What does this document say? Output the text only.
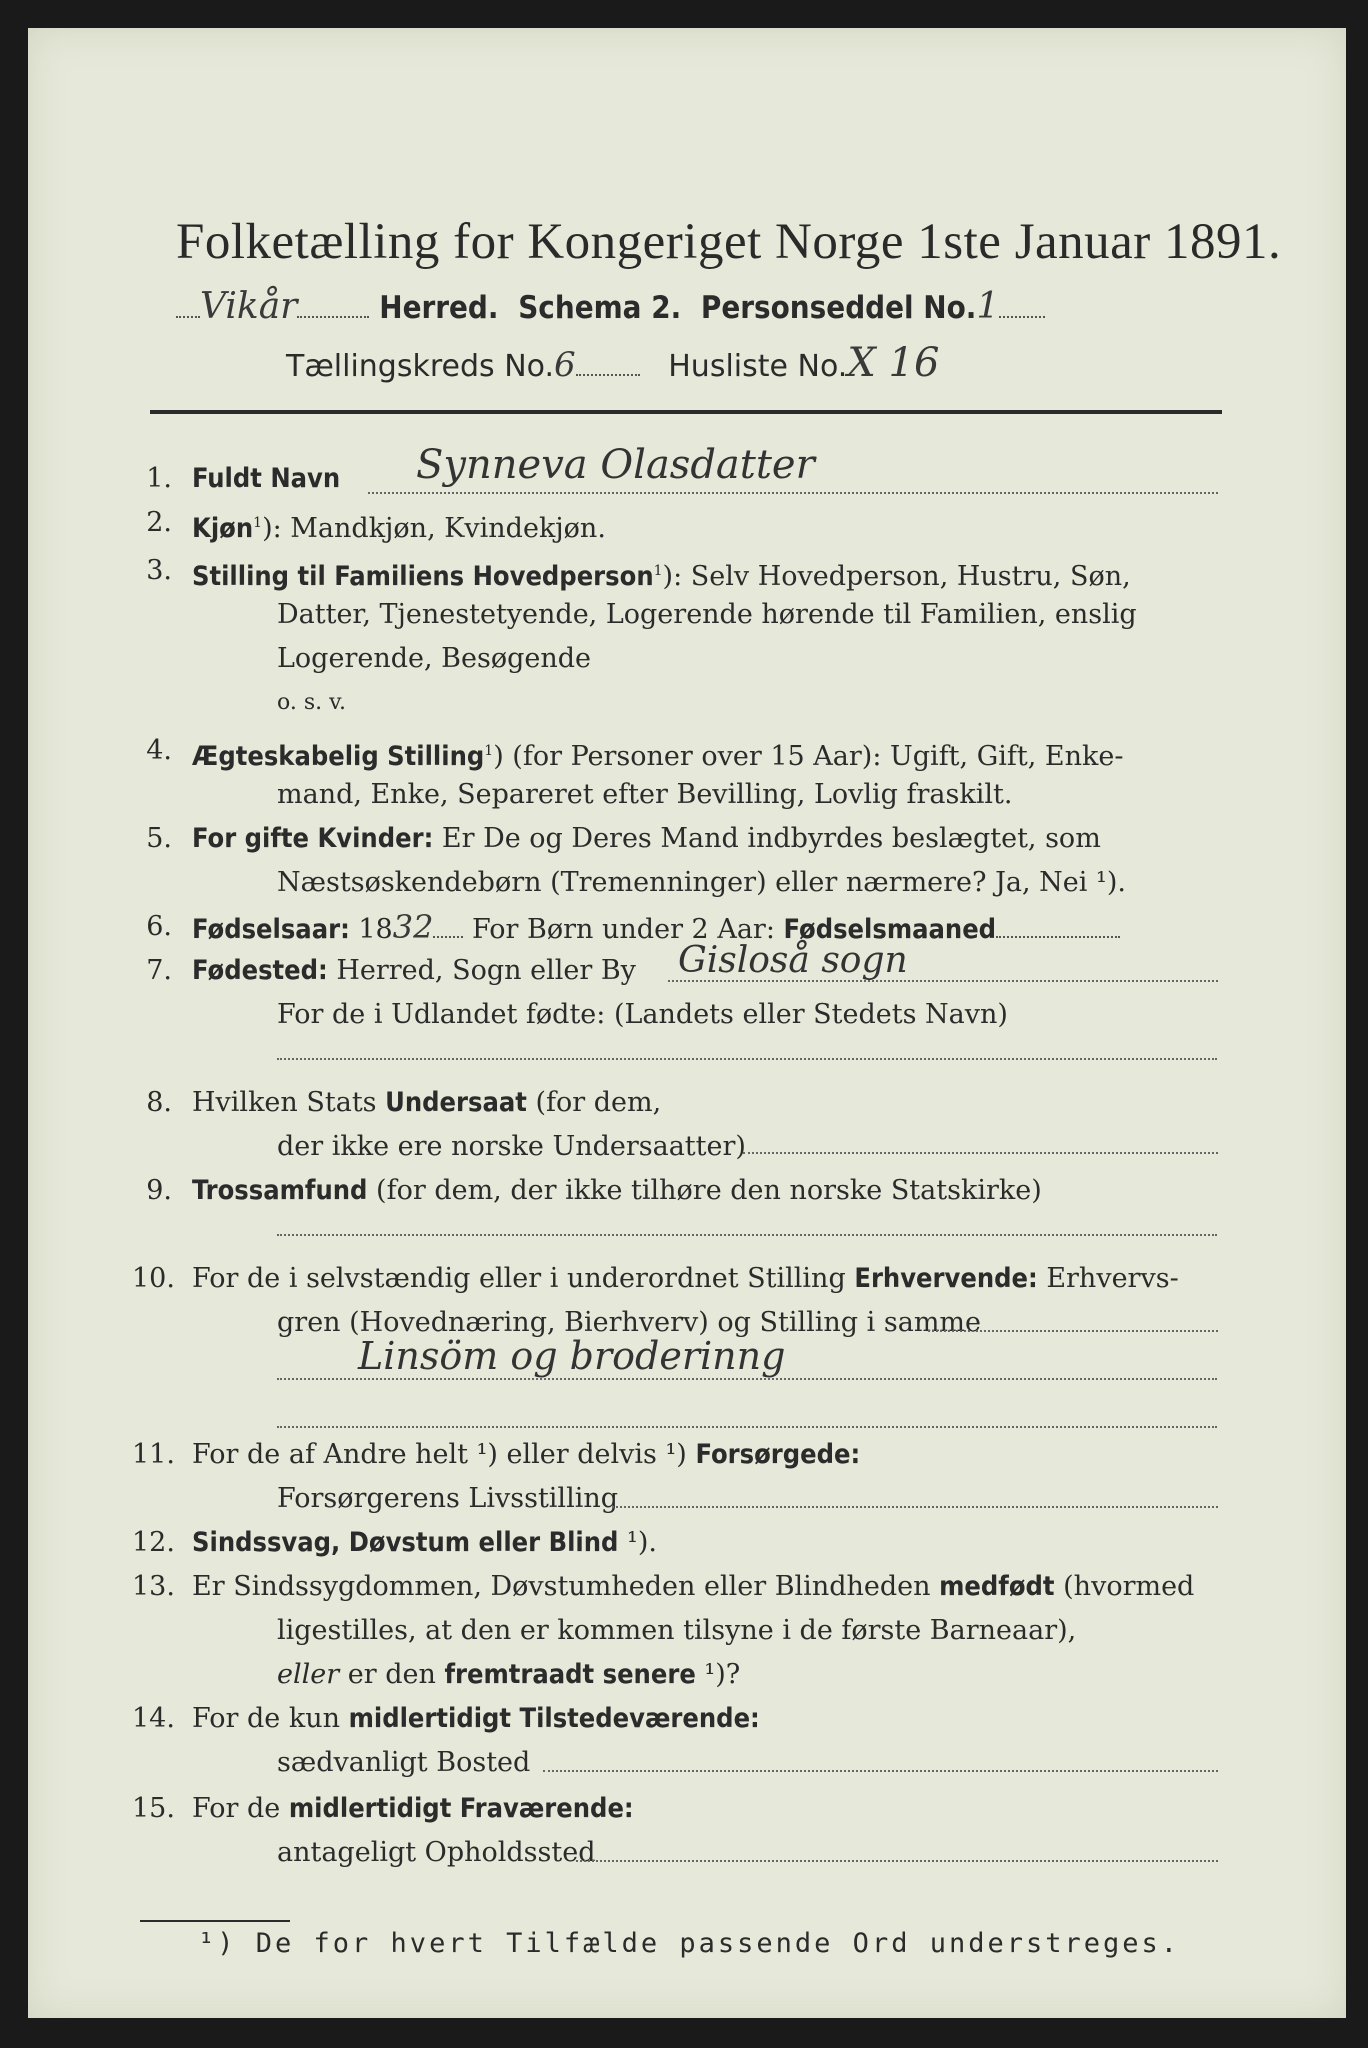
Folketælling for Kongeriget Norge 1ste Januar 1891.
Vikår	Herred. Schema 2. Personseddel No.1
Tællingskreds No.6	Husliste No.X 16
1. Fuldt Navn Synneva Olasdatter
2. Kjøn$^1$): Mandkjøn, Kvindekjøn.
3. Stilling til Familiens Hovedperson$^1$): Selv Hovedperson, Hustru, Søn,
Datter, Tjenestetyende, Logerende hørende til Familien, enslig
Logerende, Besøgende
o. s. v.
4. Ægteskabelig Stilling$^1$) (for Personer over 15 Aar): Ugift, Gift, Enke-
mand, Enke, Separeret efter Bevilling, Lovlig fraskilt.
5. For gifte Kvinder: Er De og Deres Mand indbyrdes beslægtet, som
Næstsøskendebørn (Tremenninger) eller nærmere? Ja, Nei ¹).
6. Fødselsaar: 1832 For Børn under 2 Aar: Fødselsmaaned
7. Fødested: Herred, Sogn eller By Gisloså sogn
For de i Udlandet fødte: (Landets eller Stedets Navn)
8. Hvilken Stats Undersaat (for dem,
der ikke ere norske Undersaatter)
9. Trossamfund (for dem, der ikke tilhøre den norske Statskirke)
10. For de i selvstændig eller i underordnet Stilling Erhvervende: Erhvervs-
gren (Hovednæring, Bierhverv) og Stilling i samme
Linsöm og broderinng
11. For de af Andre helt ¹) eller delvis ¹) Forsørgede:
Forsørgerens Livsstilling
12. Sindssvag, Døvstum eller Blind ¹).
13. Er Sindssygdommen, Døvstumheden eller Blindheden medfødt (hvormed
ligestilles, at den er kommen tilsyne i de første Barneaar),
eller er den fremtraadt senere ¹)?
14. For de kun midlertidigt Tilstedeværende:
sædvanligt Bosted
15. For de midlertidigt Fraværende:
antageligt Opholdssted
¹) De for hvert Tilfælde passende Ord understreges.
